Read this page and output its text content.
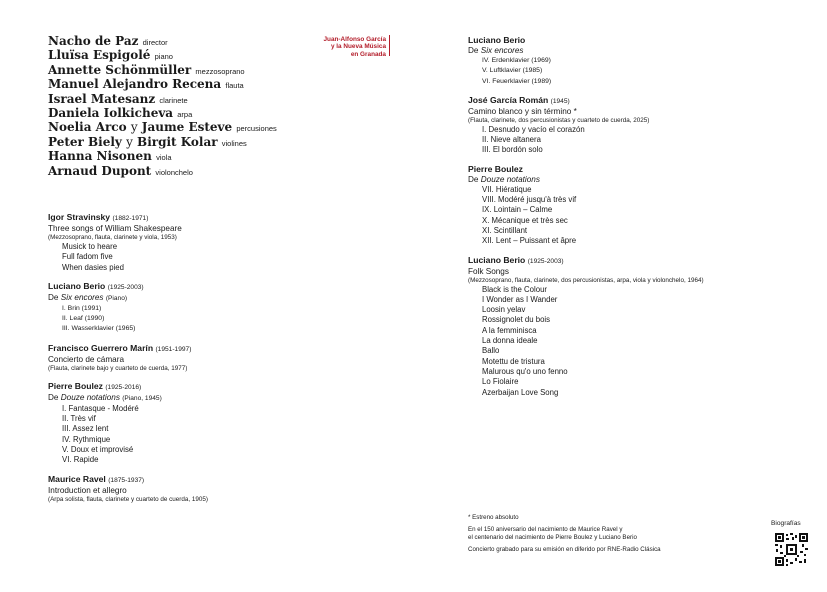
Nacho de Paz director
Lluïsa Espigolé piano
Annette Schönmüller mezzosoprano
Manuel Alejandro Recena flauta
Israel Matesanz clarinete
Daniela Iolkicheva arpa
Noelia Arco y Jaume Esteve percusiones
Peter Biely y Birgit Kolar violines
Hanna Nisonen viola
Arnaud Dupont violonchelo
Juan-Alfonso García
y la Nueva Música
en Granada
Igor Stravinsky (1882-1971)
Three songs of William Shakespeare
(Mezzosoprano, flauta, clarinete y viola, 1953)
Musick to heare
Full fadom five
When dasies pied
Luciano Berio (1925-2003)
De Six encores (Piano)
I. Brin (1991)
II. Leaf (1990)
III. Wasserklavier (1965)
Francisco Guerrero Marín (1951-1997)
Concierto de cámara
(Flauta, clarinete bajo y cuarteto de cuerda, 1977)
Pierre Boulez (1925-2016)
De Douze notations (Piano, 1945)
I. Fantasque - Modéré
II. Très vif
III. Assez lent
IV. Rythmique
V. Doux et improvisé
VI. Rapide
Maurice Ravel (1875-1937)
Introduction et allegro
(Arpa solista, flauta, clarinete y cuarteto de cuerda, 1905)
Luciano Berio
De Six encores
IV. Erdenklavier (1969)
V. Luftklavier (1985)
VI. Feuerklavier (1989)
José García Román (1945)
Camino blanco y sin término *
(Flauta, clarinete, dos percusionistas y cuarteto de cuerda, 2025)
I. Desnudo y vacío el corazón
II. Nieve altanera
III. El bordón solo
Pierre Boulez
De Douze notations
VII. Hiératique
VIII. Modéré jusqu'à très vif
IX. Lointain – Calme
X. Mécanique et très sec
XI. Scintillant
XII. Lent – Puissant et âpre
Luciano Berio (1925-2003)
Folk Songs
(Mezzosoprano, flauta, clarinete, dos percusionistas, arpa, viola y violonchelo, 1964)
Black is the Colour
I Wonder as I Wander
Loosin yelav
Rossignolet du bois
A la femminisca
La donna ideale
Ballo
Motettu de tristura
Malurous qu'o uno fenno
Lo Fiolaire
Azerbaijan Love Song

* Estreno absoluto

En el 150 aniversario del nacimiento de Maurice Ravel y
el centenario del nacimiento de Pierre Boulez y Luciano Berio

Concierto grabado para su emisión en diferido por RNE-Radio Clásica

Biografías
